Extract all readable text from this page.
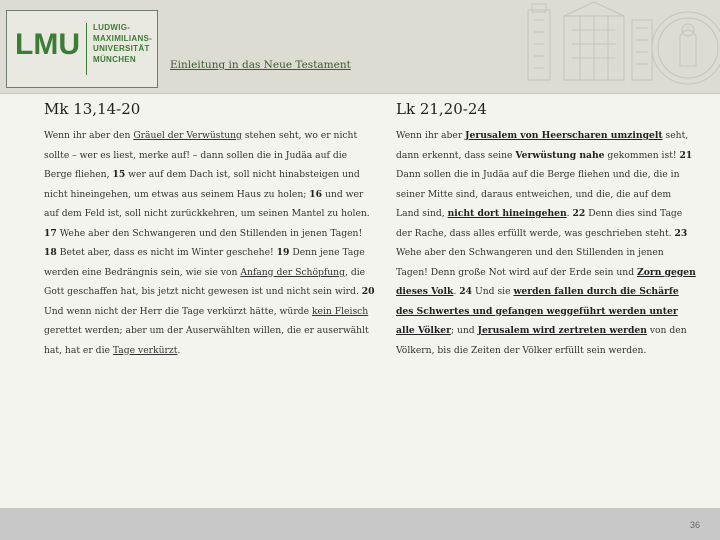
LMU
LUDWIG-
MAXIMILIANS-
UNIVERSITÄT
MÜNCHEN	Einleitung in das Neue Testament
Mk 13,14-20

Wenn ihr aber den Gräuel der Verwüstung stehen seht, wo er nicht sollte – wer es liest, merke auf! – dann sollen die in Judäa auf die Berge fliehen, 15 wer auf dem Dach ist, soll nicht hinabsteigen und nicht hineingehen, um etwas aus seinem Haus zu holen; 16 und wer auf dem Feld ist, soll nicht zurückkehren, um seinen Mantel zu holen. 17 Wehe aber den Schwangeren und den Stillenden in jenen Tagen! 18 Betet aber, dass es nicht im Winter geschehe! 19 Denn jene Tage werden eine Bedrängnis sein, wie sie von Anfang der Schöpfung, die Gott geschaffen hat, bis jetzt nicht gewesen ist und nicht sein wird. 20 Und wenn nicht der Herr die Tage verkürzt hätte, würde kein Fleisch gerettet werden; aber um der Auserwählten willen, die er auserwählt hat, hat er die Tage verkürzt.

Lk 21,20-24

Wenn ihr aber Jerusalem von Heerscharen umzingelt seht, dann erkennt, dass seine Verwüstung nahe gekommen ist! 21 Dann sollen die in Judäa auf die Berge fliehen und die, die in seiner Mitte sind, daraus entweichen, und die, die auf dem Land sind, nicht dort hineingehen. 22 Denn dies sind Tage der Rache, dass alles erfüllt werde, was geschrieben steht. 23 Wehe aber den Schwangeren und den Stillenden in jenen Tagen! Denn große Not wird auf der Erde sein und Zorn gegen dieses Volk. 24 Und sie werden fallen durch die Schärfe des Schwertes und gefangen weggeführt werden unter alle Völker; und Jerusalem wird zertreten werden von den Völkern, bis die Zeiten der Völker erfüllt sein werden.

36
